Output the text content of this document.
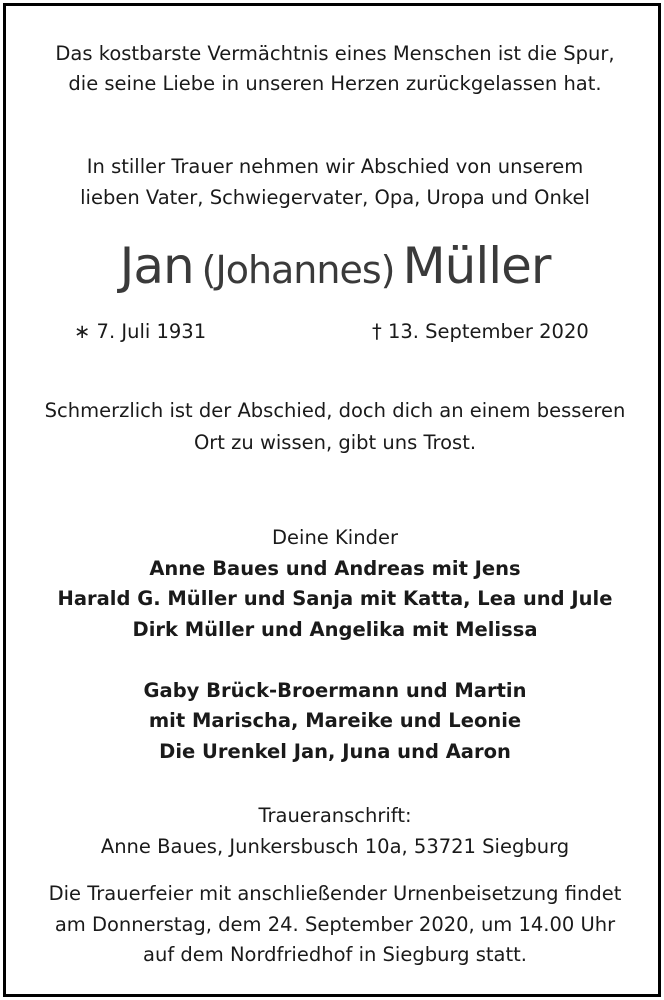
Das kostbarste Vermächtnis eines Menschen ist die Spur,
die seine Liebe in unseren Herzen zurückgelassen hat.
In stiller Trauer nehmen wir Abschied von unserem
lieben Vater, Schwiegervater, Opa, Uropa und Onkel
Jan (Johannes) Müller
∗ 7. Juli 1931	† 13. September 2020
Schmerzlich ist der Abschied, doch dich an einem besseren
Ort zu wissen, gibt uns Trost.
Deine Kinder
Anne Baues und Andreas mit Jens
Harald G. Müller und Sanja mit Katta, Lea und Jule
Dirk Müller und Angelika mit Melissa
Gaby Brück-Broermann und Martin
mit Marischa, Mareike und Leonie
Die Urenkel Jan, Juna und Aaron
Traueranschrift:
Anne Baues, Junkersbusch 10a, 53721 Siegburg
Die Trauerfeier mit anschließender Urnenbeisetzung findet
am Donnerstag, dem 24. September 2020, um 14.00 Uhr
auf dem Nordfriedhof in Siegburg statt.
